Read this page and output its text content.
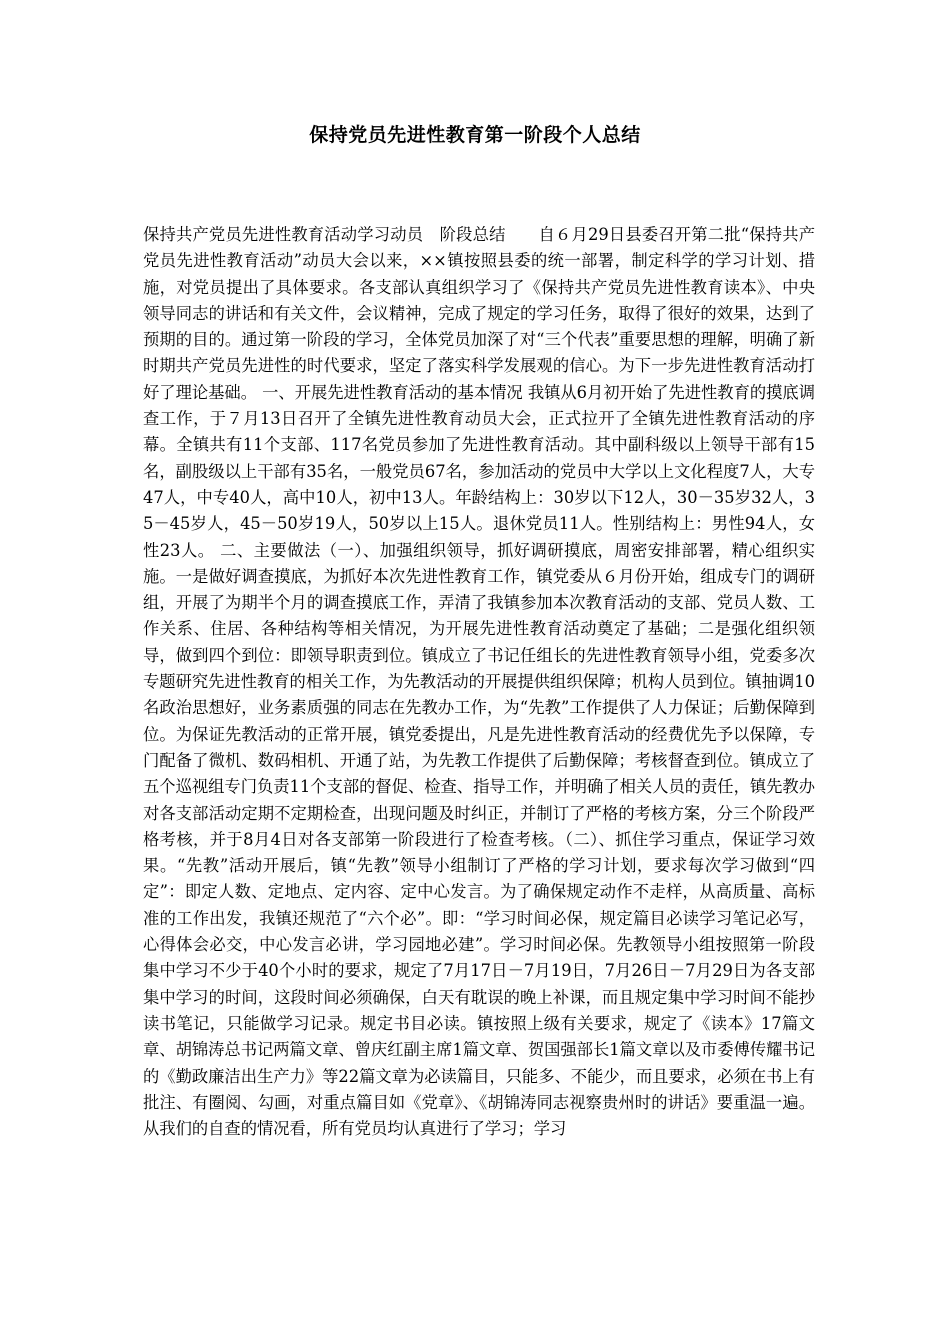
保持党员先进性教育第一阶段个人总结

保持共产党员先进性教育活动学习动员　阶段总结　　自６月29日县委召开第二批“保持共产党员先进性教育活动”动员大会以来，××镇按照县委的统一部署，制定科学的学习计划、措施，对党员提出了具体要求。各支部认真组织学习了《保持共产党员先进性教育读本》、中央领导同志的讲话和有关文件，会议精神，完成了规定的学习任务，取得了很好的效果，达到了预期的目的。通过第一阶段的学习，全体党员加深了对“三个代表”重要思想的理解，明确了新时期共产党员先进性的时代要求，坚定了落实科学发展观的信心。为下一步先进性教育活动打好了理论基础。 一、开展先进性教育活动的基本情况 我镇从6月初开始了先进性教育的摸底调查工作，于７月13日召开了全镇先进性教育动员大会，正式拉开了全镇先进性教育活动的序幕。全镇共有11个支部、117名党员参加了先进性教育活动。其中副科级以上领导干部有15名，副股级以上干部有35名，一般党员67名，参加活动的党员中大学以上文化程度7人，大专47人，中专40人，高中10人，初中13人。年龄结构上：30岁以下12人，30－35岁32人，35－45岁人，45－50岁19人，50岁以上15人。退休党员11人。性别结构上：男性94人，女性23人。 二、主要做法（一）、加强组织领导，抓好调研摸底，周密安排部署，精心组织实施。一是做好调查摸底，为抓好本次先进性教育工作，镇党委从６月份开始，组成专门的调研组，开展了为期半个月的调查摸底工作，弄清了我镇参加本次教育活动的支部、党员人数、工作关系、住居、各种结构等相关情况，为开展先进性教育活动奠定了基础；二是强化组织领导，做到四个到位：即领导职责到位。镇成立了书记任组长的先进性教育领导小组，党委多次专题研究先进性教育的相关工作，为先教活动的开展提供组织保障；机构人员到位。镇抽调10名政治思想好，业务素质强的同志在先教办工作，为“先教”工作提供了人力保证；后勤保障到位。为保证先教活动的正常开展，镇党委提出，凡是先进性教育活动的经费优先予以保障，专门配备了微机、数码相机、开通了站，为先教工作提供了后勤保障；考核督查到位。镇成立了五个巡视组专门负责11个支部的督促、检查、指导工作，并明确了相关人员的责任，镇先教办对各支部活动定期不定期检查，出现问题及时纠正，并制订了严格的考核方案，分三个阶段严格考核，并于8月4日对各支部第一阶段进行了检查考核。（二）、抓住学习重点，保证学习效果。“先教”活动开展后，镇“先教”领导小组制订了严格的学习计划，要求每次学习做到“四定”：即定人数、定地点、定内容、定中心发言。为了确保规定动作不走样，从高质量、高标准的工作出发，我镇还规范了“六个必”。即：“学习时间必保，规定篇目必读学习笔记必写，心得体会必交，中心发言必讲，学习园地必建”。学习时间必保。先教领导小组按照第一阶段集中学习不少于40个小时的要求，规定了7月17日－7月19日，7月26日－7月29日为各支部集中学习的时间，这段时间必须确保，白天有耽误的晚上补课，而且规定集中学习时间不能抄读书笔记，只能做学习记录。规定书目必读。镇按照上级有关要求，规定了《读本》17篇文章、胡锦涛总书记两篇文章、曾庆红副主席1篇文章、贺国强部长1篇文章以及市委傅传耀书记的《勤政廉洁出生产力》等22篇文章为必读篇目，只能多、不能少，而且要求，必须在书上有批注、有圈阅、勾画，对重点篇目如《党章》、《胡锦涛同志视察贵州时的讲话》要重温一遍。从我们的自查的情况看，所有党员均认真进行了学习；学习
